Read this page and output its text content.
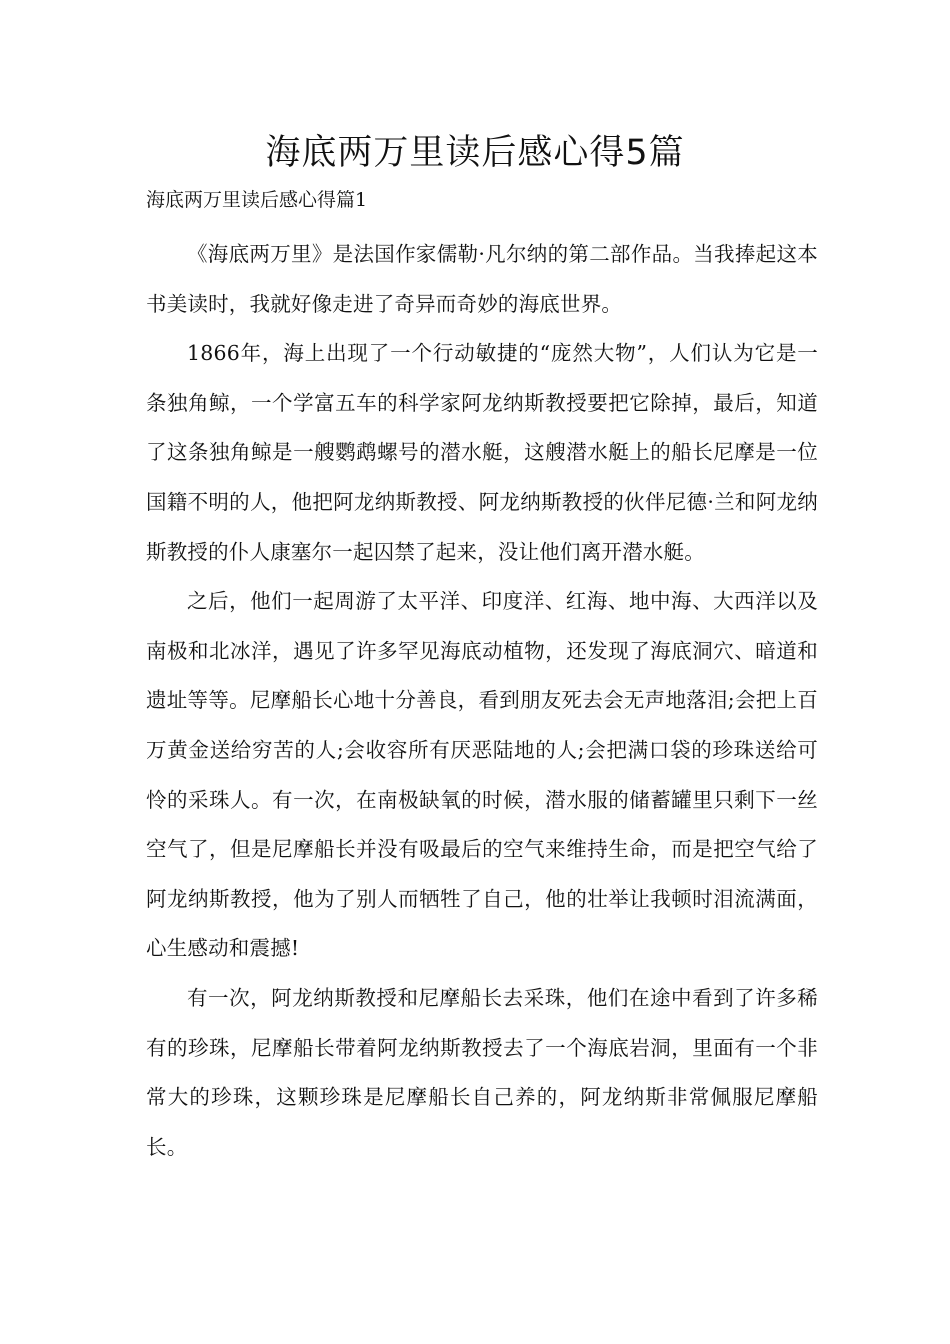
海底两万里读后感心得5篇

海底两万里读后感心得篇1

《海底两万里》是法国作家儒勒·凡尔纳的第二部作品。当我捧起这本书美读时，我就好像走进了奇异而奇妙的海底世界。

1866年，海上出现了一个行动敏捷的“庞然大物”，人们认为它是一条独角鲸，一个学富五车的科学家阿龙纳斯教授要把它除掉，最后，知道了这条独角鲸是一艘鹦鹉螺号的潜水艇，这艘潜水艇上的船长尼摩是一位国籍不明的人，他把阿龙纳斯教授、阿龙纳斯教授的伙伴尼德·兰和阿龙纳斯教授的仆人康塞尔一起囚禁了起来，没让他们离开潜水艇。

之后，他们一起周游了太平洋、印度洋、红海、地中海、大西洋以及南极和北冰洋，遇见了许多罕见海底动植物，还发现了海底洞穴、暗道和遗址等等。尼摩船长心地十分善良，看到朋友死去会无声地落泪;会把上百万黄金送给穷苦的人;会收容所有厌恶陆地的人;会把满口袋的珍珠送给可怜的采珠人。有一次，在南极缺氧的时候，潜水服的储蓄罐里只剩下一丝空气了，但是尼摩船长并没有吸最后的空气来维持生命，而是把空气给了阿龙纳斯教授，他为了别人而牺牲了自己，他的壮举让我顿时泪流满面，心生感动和震撼!

有一次，阿龙纳斯教授和尼摩船长去采珠，他们在途中看到了许多稀有的珍珠，尼摩船长带着阿龙纳斯教授去了一个海底岩洞，里面有一个非常大的珍珠，这颗珍珠是尼摩船长自己养的，阿龙纳斯非常佩服尼摩船长。
